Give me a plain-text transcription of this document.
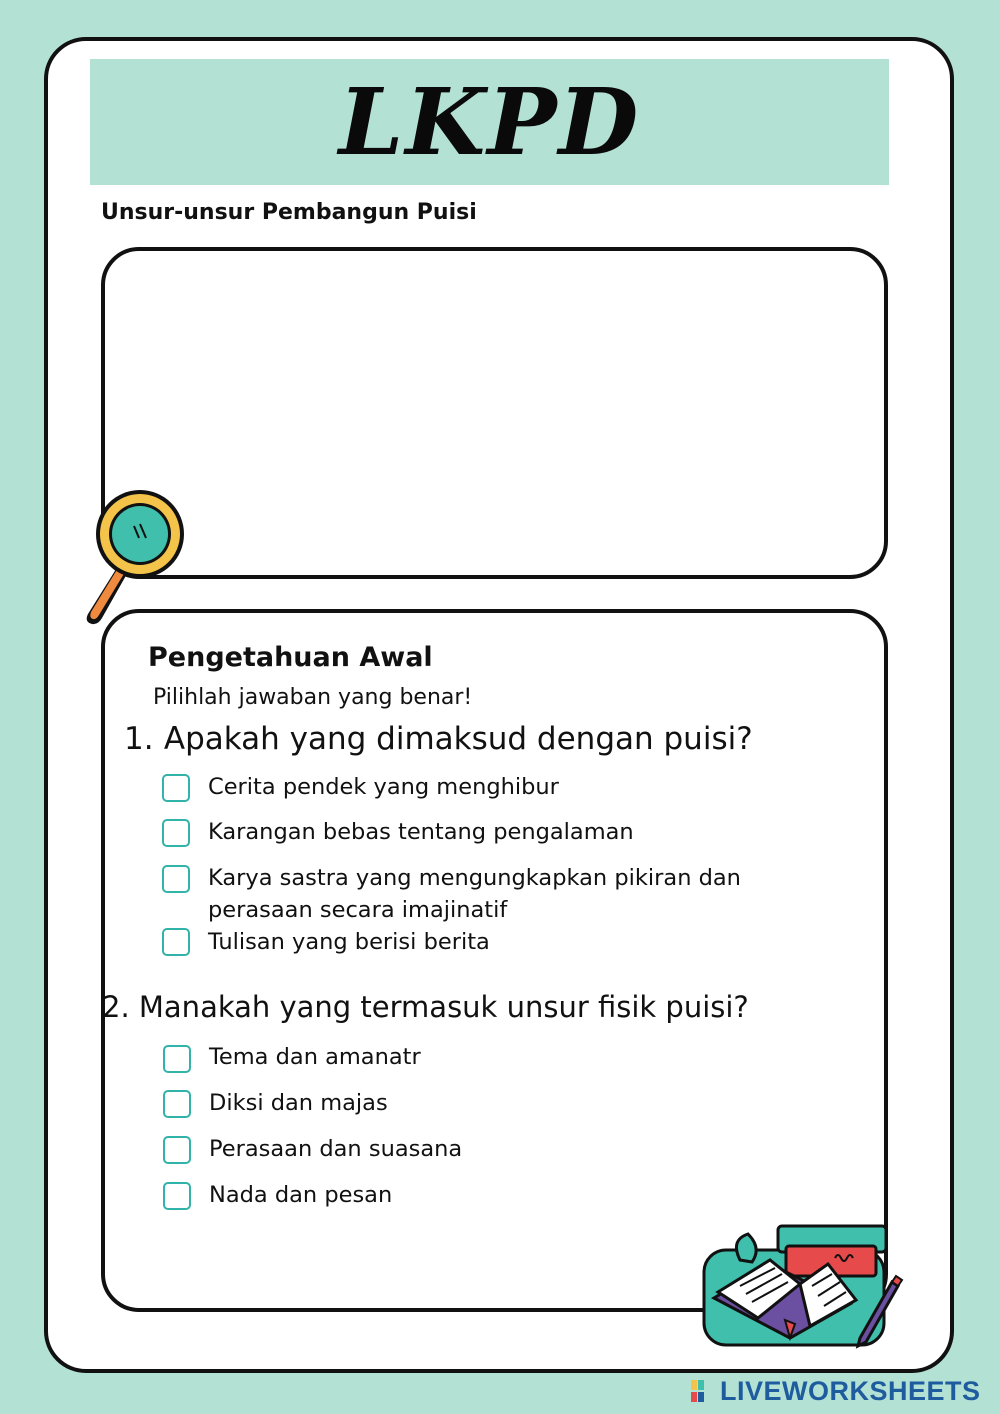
LKPD
Unsur-unsur Pembangun Puisi
Pengetahuan Awal
Pilihlah jawaban yang benar!
1. Apakah yang dimaksud dengan puisi?
Cerita pendek yang menghibur
Karangan bebas tentang pengalaman
Karya sastra yang mengungkapkan pikiran dan perasaan secara imajinatif
Tulisan yang berisi berita
2. Manakah yang termasuk unsur fisik puisi?
Tema dan amanatr
Diksi dan majas
Perasaan dan suasana
Nada dan pesan
LIVEWORKSHEETS
